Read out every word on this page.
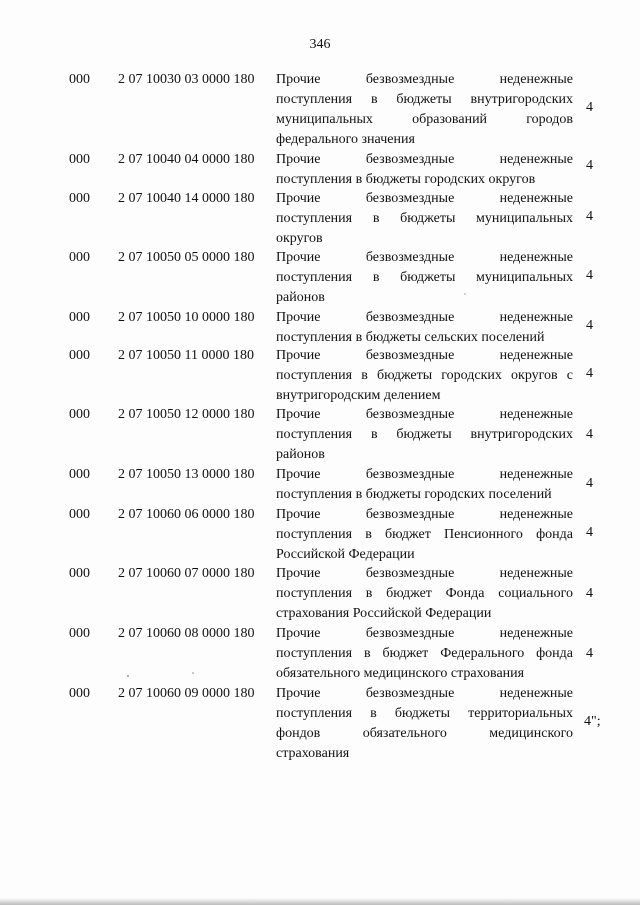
346
000 2 07 10030 03 0000 180 Прочие безвозмездные неденежные
поступления в бюджеты внутригородских
муниципальных образований городов
федерального значения
4
000 2 07 10040 04 0000 180 Прочие безвозмездные неденежные
поступления в бюджеты городских округов
4
000 2 07 10040 14 0000 180 Прочие безвозмездные неденежные
поступления в бюджеты муниципальных
округов
4
000 2 07 10050 05 0000 180 Прочие безвозмездные неденежные
поступления в бюджеты муниципальных
районов
4
000 2 07 10050 10 0000 180 Прочие безвозмездные неденежные
поступления в бюджеты сельских поселений
4
000 2 07 10050 11 0000 180 Прочие безвозмездные неденежные
поступления в бюджеты городских округов с
внутригородским делением
4
000 2 07 10050 12 0000 180 Прочие безвозмездные неденежные
поступления в бюджеты внутригородских
районов
4
000 2 07 10050 13 0000 180 Прочие безвозмездные неденежные
поступления в бюджеты городских поселений
4
000 2 07 10060 06 0000 180 Прочие безвозмездные неденежные
поступления в бюджет Пенсионного фонда
Российской Федерации
4
000 2 07 10060 07 0000 180 Прочие безвозмездные неденежные
поступления в бюджет Фонда социального
страхования Российской Федерации
4
000 2 07 10060 08 0000 180 Прочие безвозмездные неденежные
поступления в бюджет Федерального фонда
обязательного медицинского страхования
4
000 2 07 10060 09 0000 180 Прочие безвозмездные неденежные
поступления в бюджеты территориальных
фондов обязательного медицинского
страхования
4";
